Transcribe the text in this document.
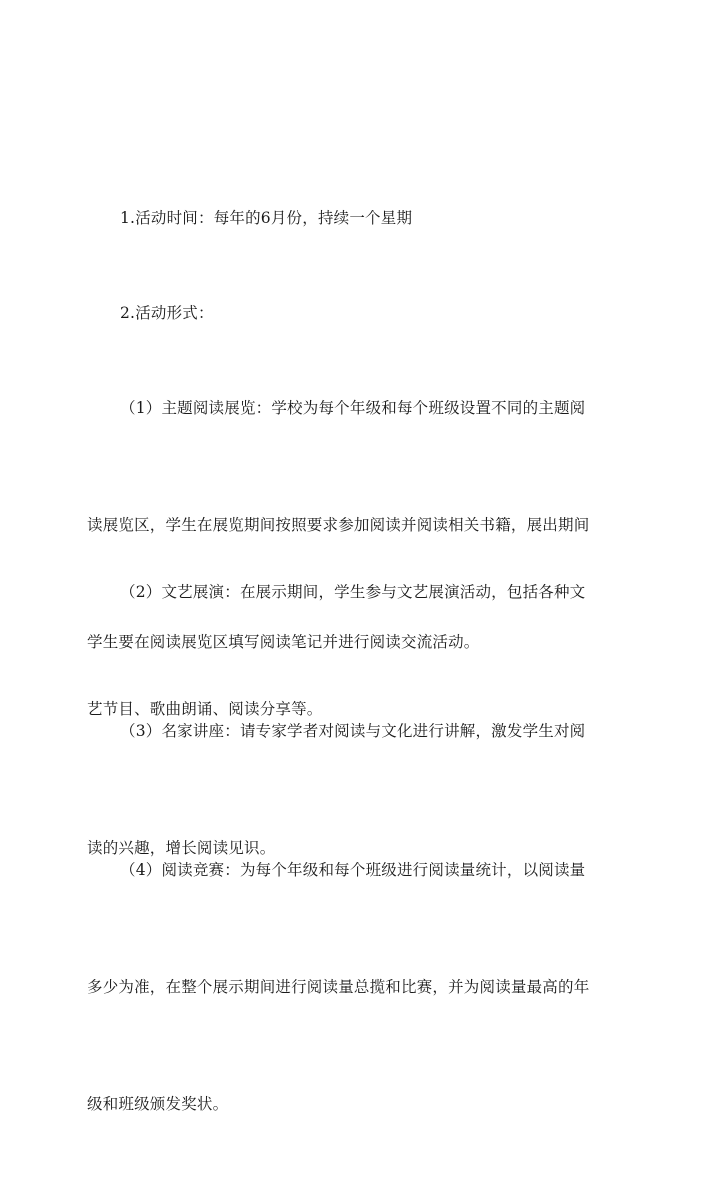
1.活动时间：每年的6月份，持续一个星期

2.活动形式：

（1）主题阅读展览：学校为每个年级和每个班级设置不同的主题阅

读展览区，学生在展览期间按照要求参加阅读并阅读相关书籍，展出期间

学生要在阅读展览区填写阅读笔记并进行阅读交流活动。

（2）文艺展演：在展示期间，学生参与文艺展演活动，包括各种文

艺节目、歌曲朗诵、阅读分享等。

（3）名家讲座：请专家学者对阅读与文化进行讲解，激发学生对阅

读的兴趣，增长阅读见识。

（4）阅读竞赛：为每个年级和每个班级进行阅读量统计，以阅读量

多少为准，在整个展示期间进行阅读量总揽和比赛，并为阅读量最高的年

级和班级颁发奖状。
